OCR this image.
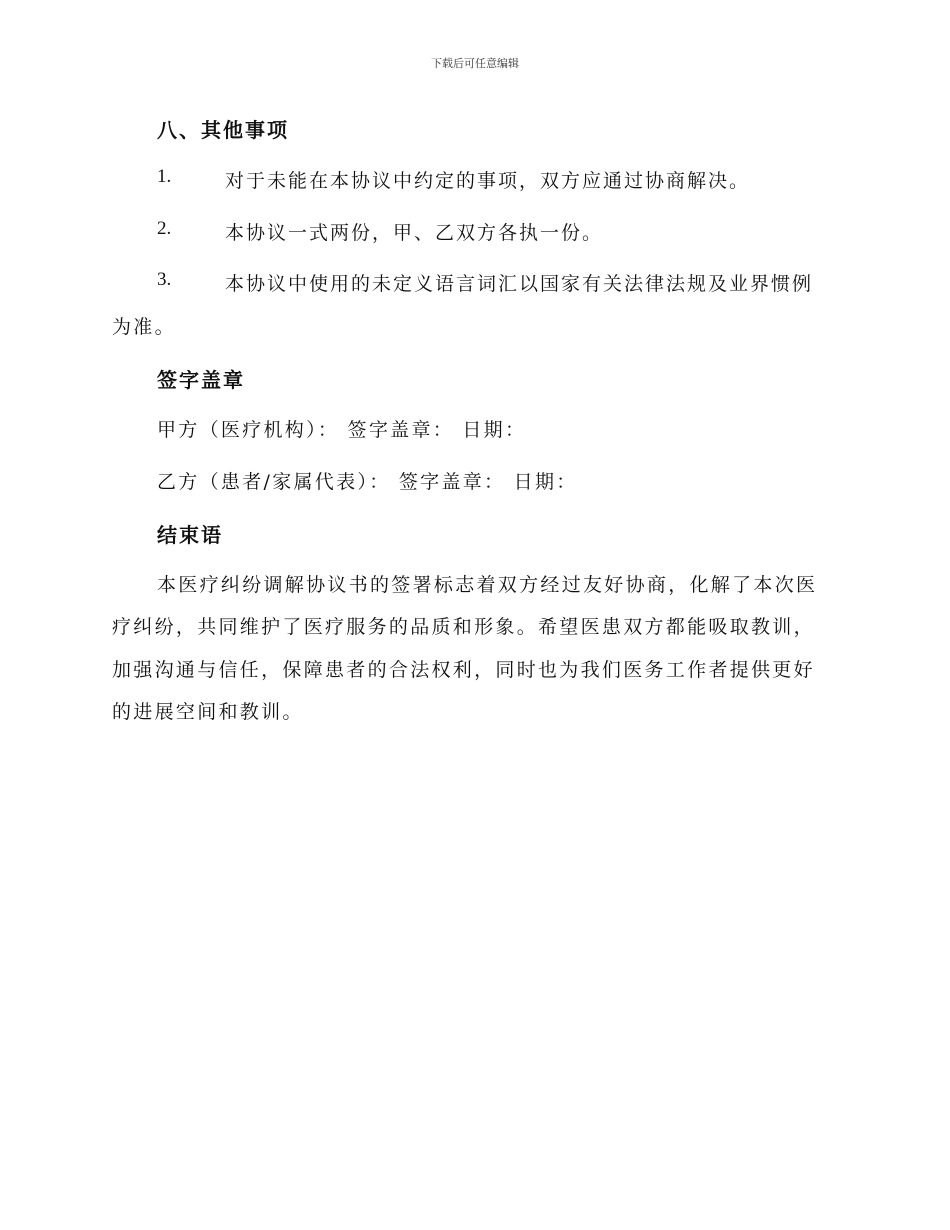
下载后可任意编辑
八、其他事项
1.	对于未能在本协议中约定的事项，双方应通过协商解决。
2.	本协议一式两份，甲、乙双方各执一份。
3.	本协议中使用的未定义语言词汇以国家有关法律法规及业界惯例
为准。
签字盖章
甲方（医疗机构）： 签字盖章： 日期：
乙方（患者/家属代表）： 签字盖章： 日期：
结束语
本医疗纠纷调解协议书的签署标志着双方经过友好协商，化解了本次医
疗纠纷，共同维护了医疗服务的品质和形象。希望医患双方都能吸取教训，
加强沟通与信任，保障患者的合法权利，同时也为我们医务工作者提供更好
的进展空间和教训。
